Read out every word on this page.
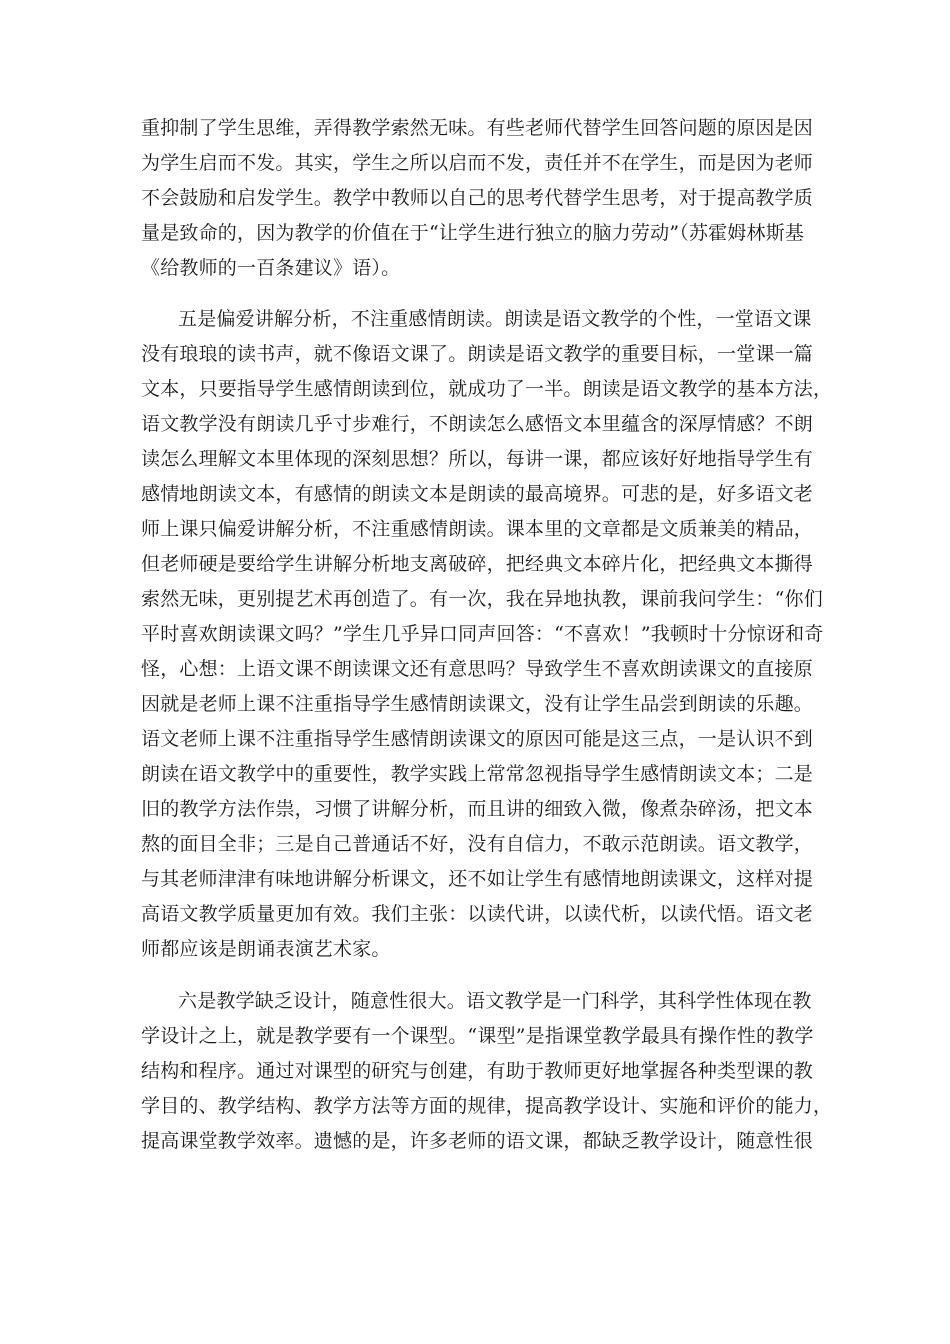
重抑制了学生思维，弄得教学索然无味。有些老师代替学生回答问题的原因是因
为学生启而不发。其实，学生之所以启而不发，责任并不在学生，而是因为老师
不会鼓励和启发学生。教学中教师以自己的思考代替学生思考，对于提高教学质
量是致命的，因为教学的价值在于“让学生进行独立的脑力劳动”（苏霍姆林斯基
《给教师的一百条建议》语）。
五是偏爱讲解分析，不注重感情朗读。朗读是语文教学的个性，一堂语文课
没有琅琅的读书声，就不像语文课了。朗读是语文教学的重要目标，一堂课一篇
文本，只要指导学生感情朗读到位，就成功了一半。朗读是语文教学的基本方法，
语文教学没有朗读几乎寸步难行，不朗读怎么感悟文本里蕴含的深厚情感？不朗
读怎么理解文本里体现的深刻思想？所以，每讲一课，都应该好好地指导学生有
感情地朗读文本，有感情的朗读文本是朗读的最高境界。可悲的是，好多语文老
师上课只偏爱讲解分析，不注重感情朗读。课本里的文章都是文质兼美的精品，
但老师硬是要给学生讲解分析地支离破碎，把经典文本碎片化，把经典文本撕得
索然无味，更别提艺术再创造了。有一次，我在异地执教，课前我问学生：“你们
平时喜欢朗读课文吗？”学生几乎异口同声回答：“不喜欢！”我顿时十分惊讶和奇
怪，心想：上语文课不朗读课文还有意思吗？导致学生不喜欢朗读课文的直接原
因就是老师上课不注重指导学生感情朗读课文，没有让学生品尝到朗读的乐趣。
语文老师上课不注重指导学生感情朗读课文的原因可能是这三点，一是认识不到
朗读在语文教学中的重要性，教学实践上常常忽视指导学生感情朗读文本；二是
旧的教学方法作祟，习惯了讲解分析，而且讲的细致入微，像煮杂碎汤，把文本
熬的面目全非；三是自己普通话不好，没有自信力，不敢示范朗读。语文教学，
与其老师津津有味地讲解分析课文，还不如让学生有感情地朗读课文，这样对提
高语文教学质量更加有效。我们主张：以读代讲，以读代析，以读代悟。语文老
师都应该是朗诵表演艺术家。
六是教学缺乏设计，随意性很大。语文教学是一门科学，其科学性体现在教
学设计之上，就是教学要有一个课型。“课型”是指课堂教学最具有操作性的教学
结构和程序。通过对课型的研究与创建，有助于教师更好地掌握各种类型课的教
学目的、教学结构、教学方法等方面的规律，提高教学设计、实施和评价的能力，
提高课堂教学效率。遗憾的是，许多老师的语文课，都缺乏教学设计，随意性很
